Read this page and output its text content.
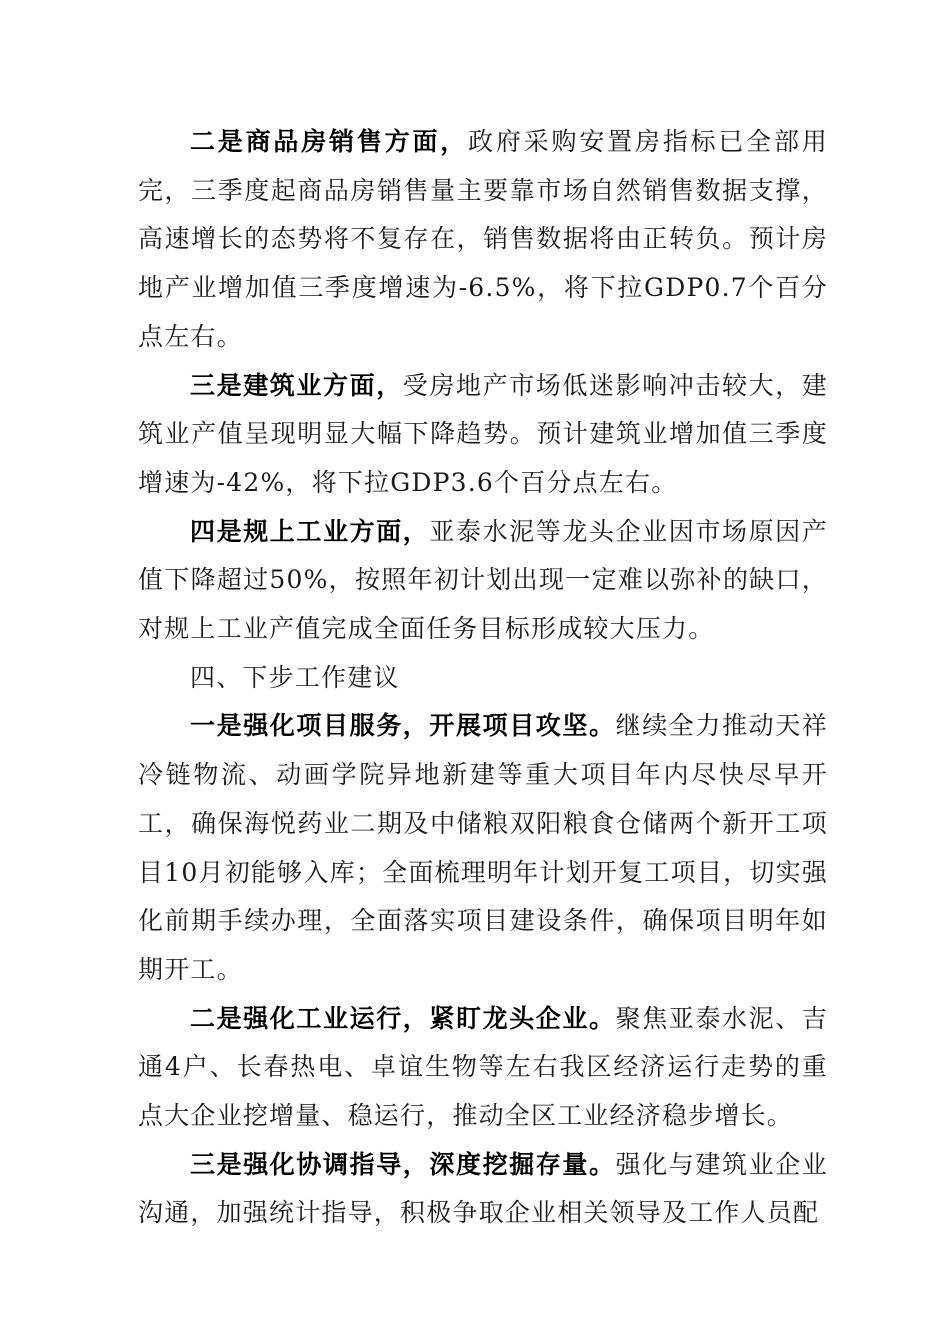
二是商品房销售方面，政府采购安置房指标已全部用完，三季度起商品房销售量主要靠市场自然销售数据支撑，高速增长的态势将不复存在，销售数据将由正转负。预计房地产业增加值三季度增速为-6.5%，将下拉GDP0.7个百分点左右。

三是建筑业方面，受房地产市场低迷影响冲击较大，建筑业产值呈现明显大幅下降趋势。预计建筑业增加值三季度增速为-42%，将下拉GDP3.6个百分点左右。

四是规上工业方面，亚泰水泥等龙头企业因市场原因产值下降超过50%，按照年初计划出现一定难以弥补的缺口，对规上工业产值完成全面任务目标形成较大压力。

四、下步工作建议

一是强化项目服务，开展项目攻坚。继续全力推动天祥冷链物流、动画学院异地新建等重大项目年内尽快尽早开工，确保海悦药业二期及中储粮双阳粮食仓储两个新开工项目10月初能够入库；全面梳理明年计划开复工项目，切实强化前期手续办理，全面落实项目建设条件，确保项目明年如期开工。

二是强化工业运行，紧盯龙头企业。聚焦亚泰水泥、吉通4户、长春热电、卓谊生物等左右我区经济运行走势的重点大企业挖增量、稳运行，推动全区工业经济稳步增长。

三是强化协调指导，深度挖掘存量。强化与建筑业企业沟通，加强统计指导，积极争取企业相关领导及工作人员配
